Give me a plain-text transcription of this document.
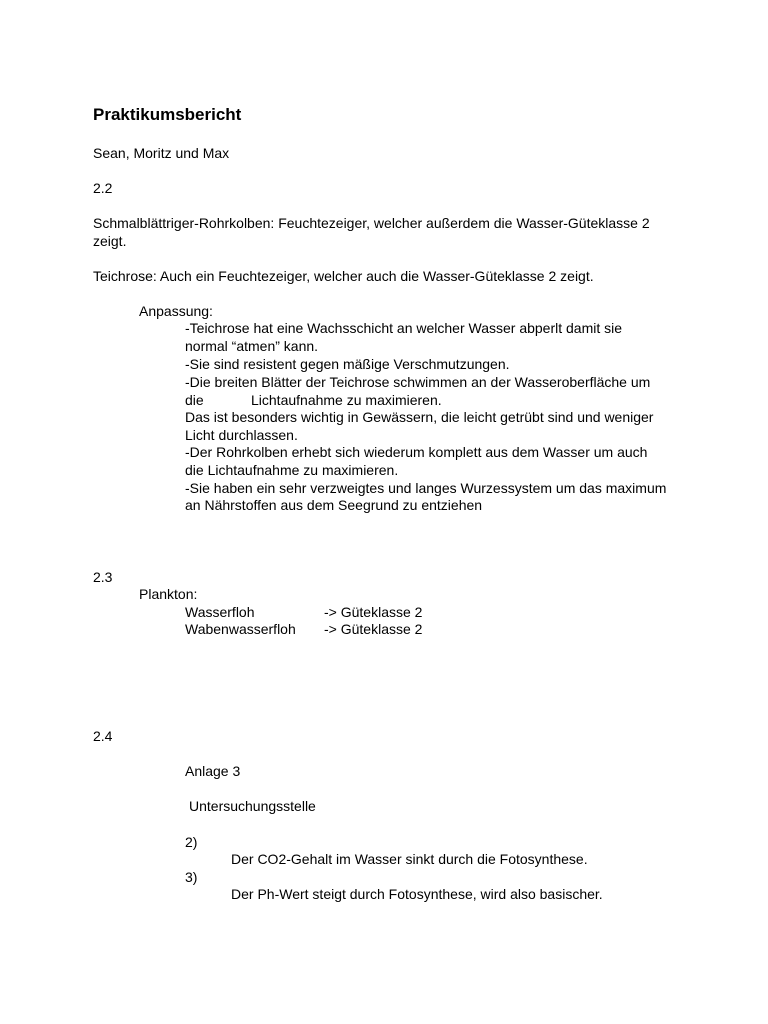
Praktikumsbericht
Sean, Moritz und Max
2.2
Schmalblättriger-Rohrkolben: Feuchtezeiger, welcher außerdem die Wasser-Güteklasse 2
zeigt.
Teichrose: Auch ein Feuchtezeiger, welcher auch die Wasser-Güteklasse 2 zeigt.
Anpassung:
-Teichrose hat eine Wachsschicht an welcher Wasser abperlt damit sie
normal “atmen” kann.
-Sie sind resistent gegen mäßige Verschmutzungen.
-Die breiten Blätter der Teichrose schwimmen an der Wasseroberfläche um
die	Lichtaufnahme zu maximieren.
Das ist besonders wichtig in Gewässern, die leicht getrübt sind und weniger
Licht durchlassen.
-Der Rohrkolben erhebt sich wiederum komplett aus dem Wasser um auch
die Lichtaufnahme zu maximieren.
-Sie haben ein sehr verzweigtes und langes Wurzessystem um das maximum
an Nährstoffen aus dem Seegrund zu entziehen
2.3
Plankton:
Wasserfloh	-> Güteklasse 2
Wabenwasserfloh -> Güteklasse 2
2.4
Anlage 3
Untersuchungsstelle
2)
Der CO2-Gehalt im Wasser sinkt durch die Fotosynthese.
3)
Der Ph-Wert steigt durch Fotosynthese, wird also basischer.
